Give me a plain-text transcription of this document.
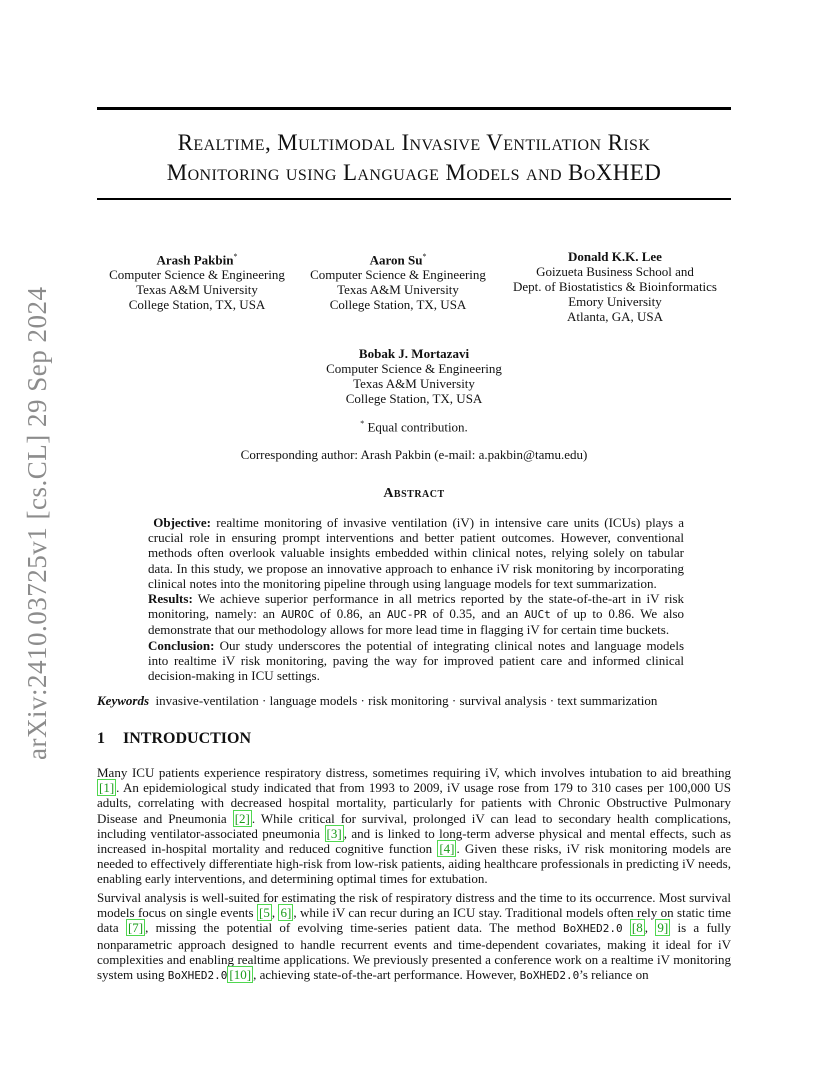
arXiv:2410.03725v1 [cs.CL] 29 Sep 2024
Realtime, Multimodal Invasive Ventilation Risk
Monitoring using Language Models and BoXHED
Arash Pakbin*
Computer Science & Engineering
Texas A&M University
College Station, TX, USA
Aaron Su*
Computer Science & Engineering
Texas A&M University
College Station, TX, USA
Donald K.K. Lee
Goizueta Business School and
Dept. of Biostatistics & Bioinformatics
Emory University
Atlanta, GA, USA
Bobak J. Mortazavi
Computer Science & Engineering
Texas A&M University
College Station, TX, USA
* Equal contribution.
Corresponding author: Arash Pakbin (e-mail: a.pakbin@tamu.edu)
Abstract

Objective: realtime monitoring of invasive ventilation (iV) in intensive care units (ICUs) plays a crucial role in ensuring prompt interventions and better patient outcomes. However, conventional methods often overlook valuable insights embedded within clinical notes, relying solely on tabular data. In this study, we propose an innovative approach to enhance iV risk monitoring by incorporating clinical notes into the monitoring pipeline through using language models for text summarization.

Results: We achieve superior performance in all metrics reported by the state-of-the-art in iV risk monitoring, namely: an AUROC of 0.86, an AUC-PR of 0.35, and an AUCt of up to 0.86. We also demonstrate that our methodology allows for more lead time in flagging iV for certain time buckets.

Conclusion: Our study underscores the potential of integrating clinical notes and language models into realtime iV risk monitoring, paving the way for improved patient care and informed clinical decision-making in ICU settings.

Keywords invasive-ventilation · language models · risk monitoring · survival analysis · text summarization
1 INTRODUCTION

Many ICU patients experience respiratory distress, sometimes requiring iV, which involves intubation to aid breathing [1] . An epidemiological study indicated that from 1993 to 2009, iV usage rose from 179 to 310 cases per 100,000 US adults, correlating with decreased hospital mortality, particularly for patients with Chronic Obstructive Pulmonary Disease and Pneumonia [2] . While critical for survival, prolonged iV can lead to secondary health complications, including ventilator-associated pneumonia [3] , and is linked to long-term adverse physical and mental effects, such as increased in-hospital mortality and reduced cognitive function [4] . Given these risks, iV risk monitoring models are needed to effectively differentiate high-risk from low-risk patients, aiding healthcare professionals in predicting iV needs, enabling early interventions, and determining optimal times for extubation.

Survival analysis is well-suited for estimating the risk of respiratory distress and the time to its occurrence. Most survival models focus on single events [5 , 6] , while iV can recur during an ICU stay. Traditional models often rely on static time data [7] , missing the potential of evolving time-series patient data. The method BoXHED2.0 [8 , 9] is a fully nonparametric approach designed to handle recurrent events and time-dependent covariates, making it ideal for iV complexities and enabling realtime applications. We previously presented a conference work on a realtime iV monitoring system using BoXHED2.0 [10] , achieving state-of-the-art performance. However, BoXHED2.0’s reliance on
